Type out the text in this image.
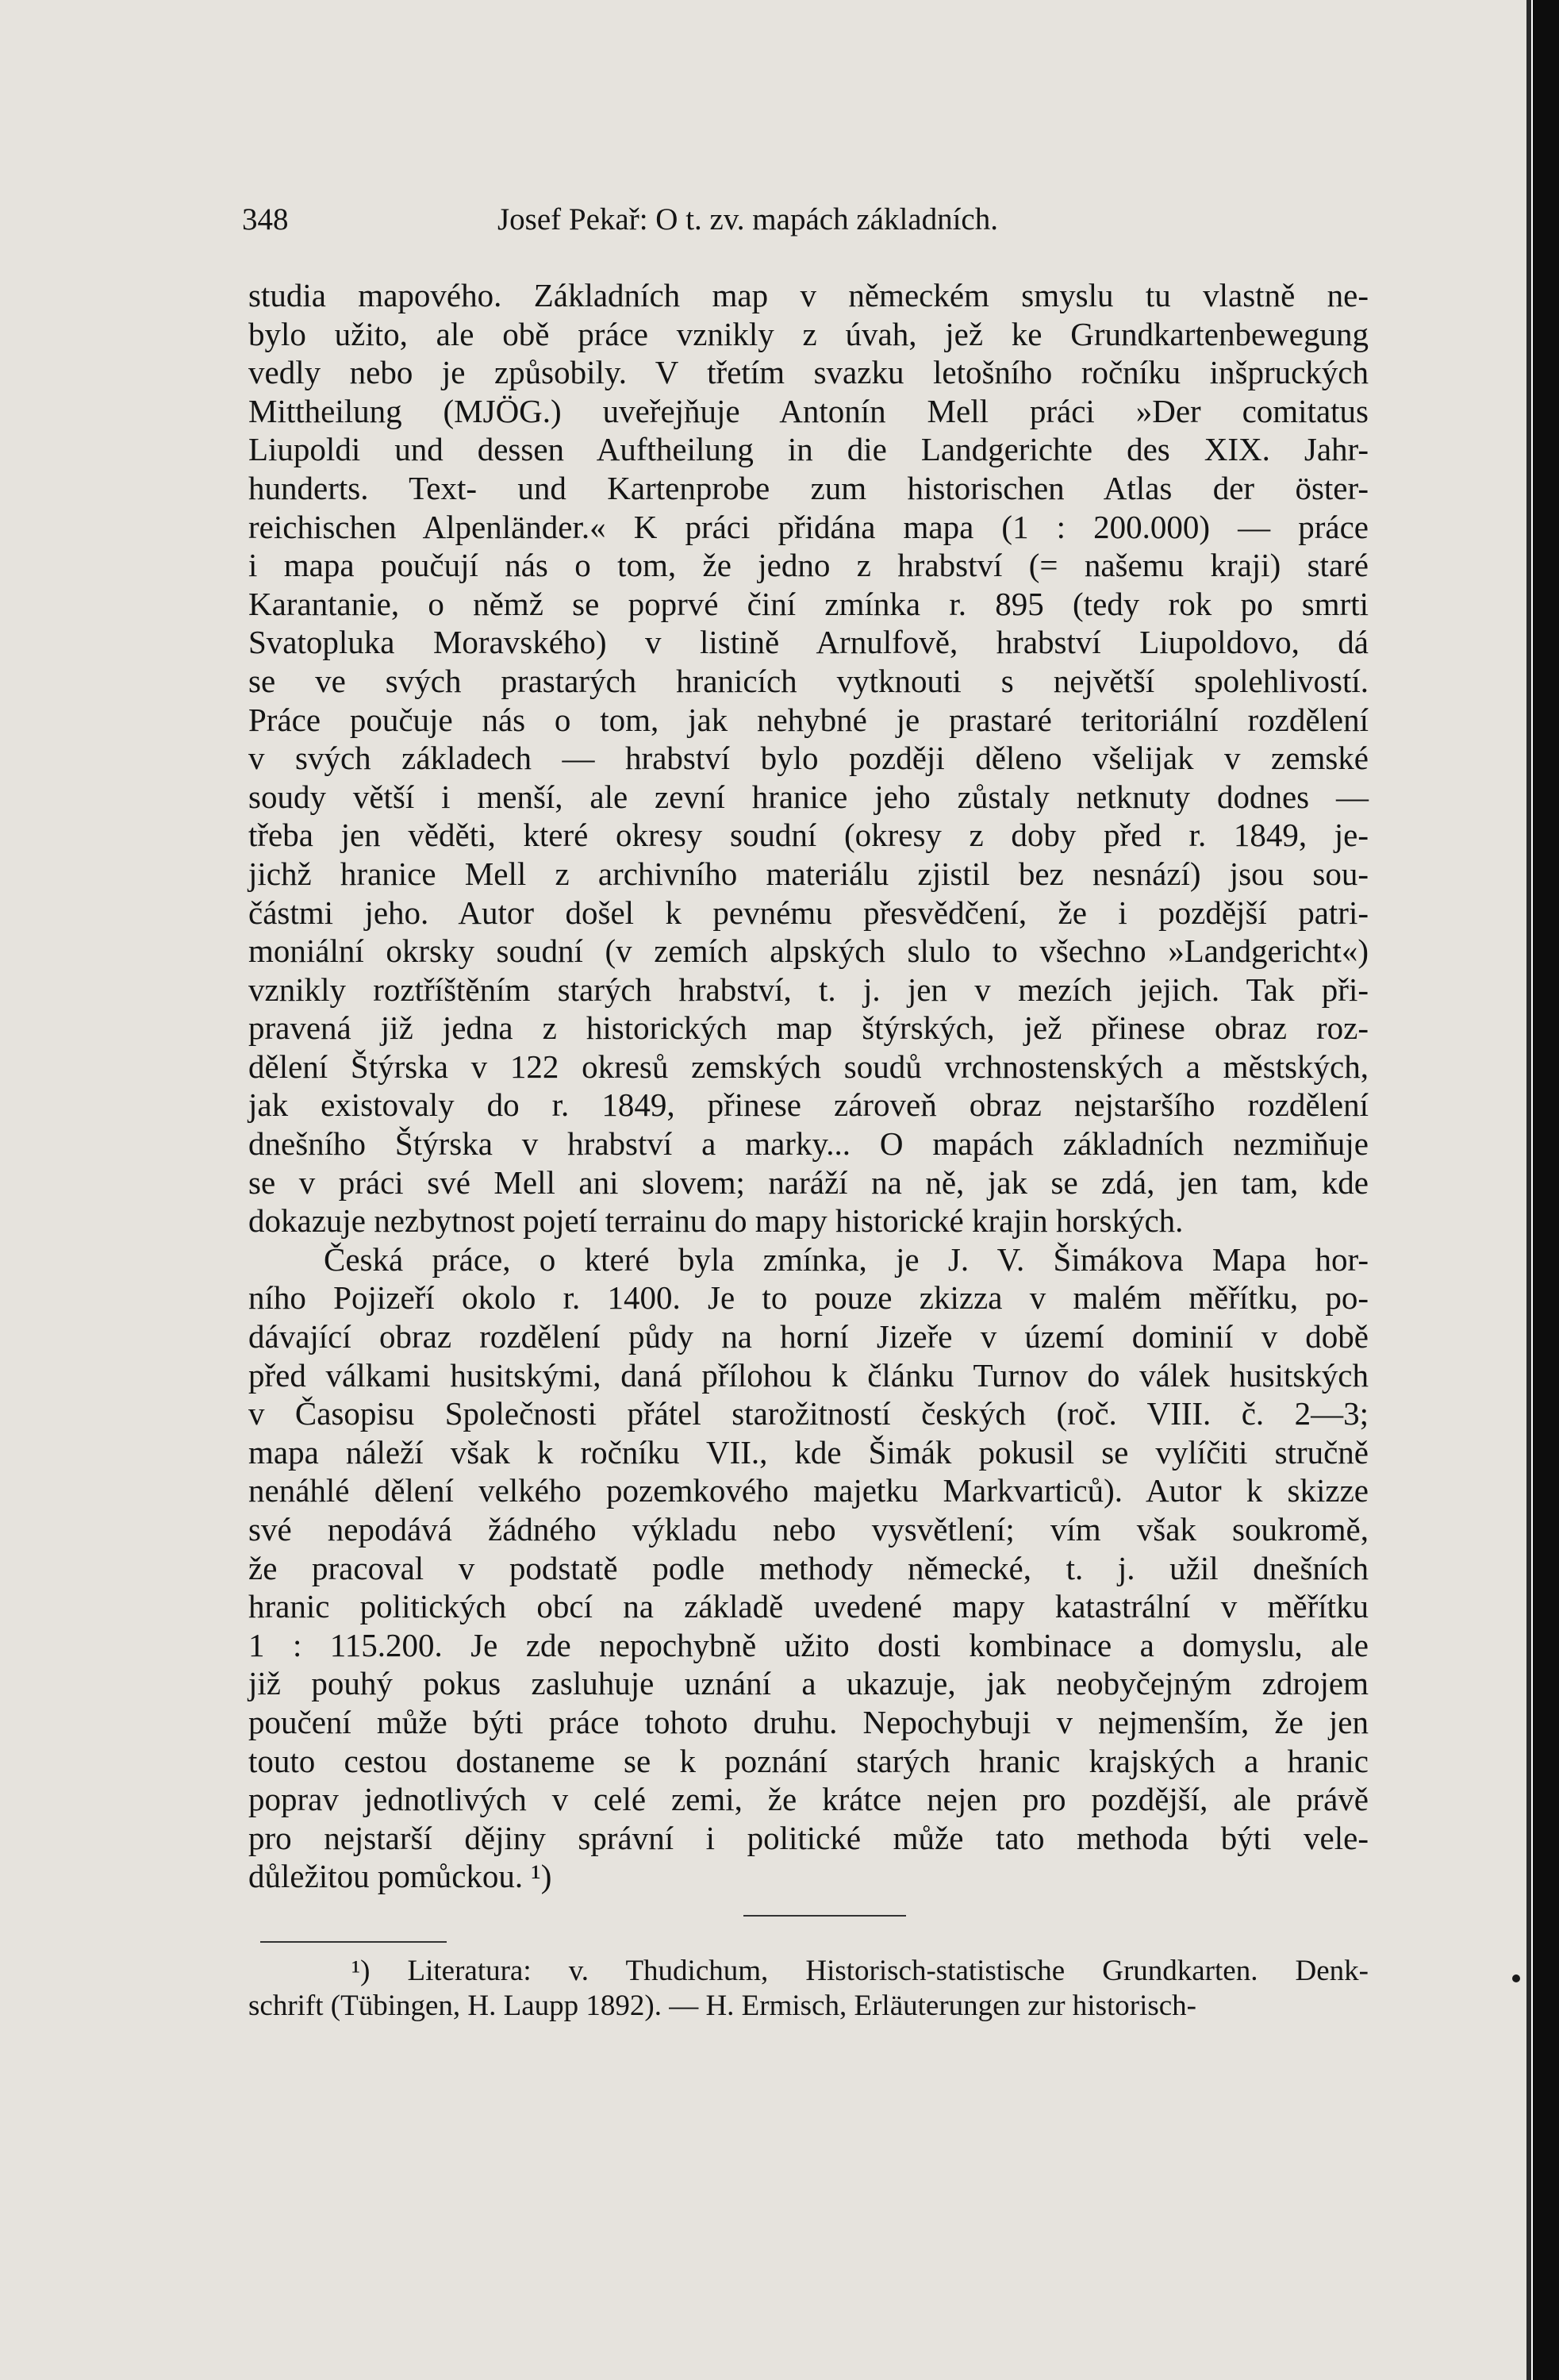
348	Josef Pekař: O t. zv. mapách základních.
studia mapového. Základních map v německém smyslu tu vlastně ne-
bylo užito, ale obě práce vznikly z úvah, jež ke Grundkartenbewegung
vedly nebo je způsobily. V třetím svazku letošního ročníku inšpruckých
Mittheilung (MJÖG.) uveřejňuje Antonín Mell práci »Der comitatus
Liupoldi und dessen Auftheilung in die Landgerichte des XIX. Jahr-
hunderts. Text- und Kartenprobe zum historischen Atlas der öster-
reichischen Alpenländer.« K práci přidána mapa (1 : 200.000) — práce
i mapa poučují nás o tom, že jedno z hrabství (= našemu kraji) staré
Karantanie, o němž se poprvé činí zmínka r. 895 (tedy rok po smrti
Svatopluka Moravského) v listině Arnulfově, hrabství Liupoldovo, dá
se ve svých prastarých hranicích vytknouti s největší spolehlivostí.
Práce poučuje nás o tom, jak nehybné je prastaré teritoriální rozdělení
v svých základech — hrabství bylo později děleno všelijak v zemské
soudy větší i menší, ale zevní hranice jeho zůstaly netknuty dodnes —
třeba jen věděti, které okresy soudní (okresy z doby před r. 1849, je-
jichž hranice Mell z archivního materiálu zjistil bez nesnází) jsou sou-
částmi jeho. Autor došel k pevnému přesvědčení, že i pozdější patri-
moniální okrsky soudní (v zemích alpských slulo to všechno »Landgericht«)
vznikly roztříštěním starých hrabství, t. j. jen v mezích jejich. Tak při-
pravená již jedna z historických map štýrských, jež přinese obraz roz-
dělení Štýrska v 122 okresů zemských soudů vrchnostenských a městských,
jak existovaly do r. 1849, přinese zároveň obraz nejstaršího rozdělení
dnešního Štýrska v hrabství a marky... O mapách základních nezmiňuje
se v práci své Mell ani slovem; naráží na ně, jak se zdá, jen tam, kde
dokazuje nezbytnost pojetí terrainu do mapy historické krajin horských.
Česká práce, o které byla zmínka, je J. V. Šimákova Mapa hor-
ního Pojizeří okolo r. 1400. Je to pouze zkizza v malém měřítku, po-
dávající obraz rozdělení půdy na horní Jizeře v území dominií v době
před válkami husitskými, daná přílohou k článku Turnov do válek husitských
v Časopisu Společnosti přátel starožitností českých (roč. VIII. č. 2—3;
mapa náleží však k ročníku VII., kde Šimák pokusil se vylíčiti stručně
nenáhlé dělení velkého pozemkového majetku Markvarticů). Autor k skizze
své nepodává žádného výkladu nebo vysvětlení; vím však soukromě,
že pracoval v podstatě podle methody německé, t. j. užil dnešních
hranic politických obcí na základě uvedené mapy katastrální v měřítku
1 : 115.200. Je zde nepochybně užito dosti kombinace a domyslu, ale
již pouhý pokus zasluhuje uznání a ukazuje, jak neobyčejným zdrojem
poučení může býti práce tohoto druhu. Nepochybuji v nejmenším, že jen
touto cestou dostaneme se k poznání starých hranic krajských a hranic
poprav jednotlivých v celé zemi, že krátce nejen pro pozdější, ale právě
pro nejstarší dějiny správní i politické může tato methoda býti vele-
důležitou pomůckou. ¹)
¹) Literatura: v. Thudichum, Historisch-statistische Grundkarten. Denk-
schrift (Tübingen, H. Laupp 1892). — H. Ermisch, Erläuterungen zur historisch-
